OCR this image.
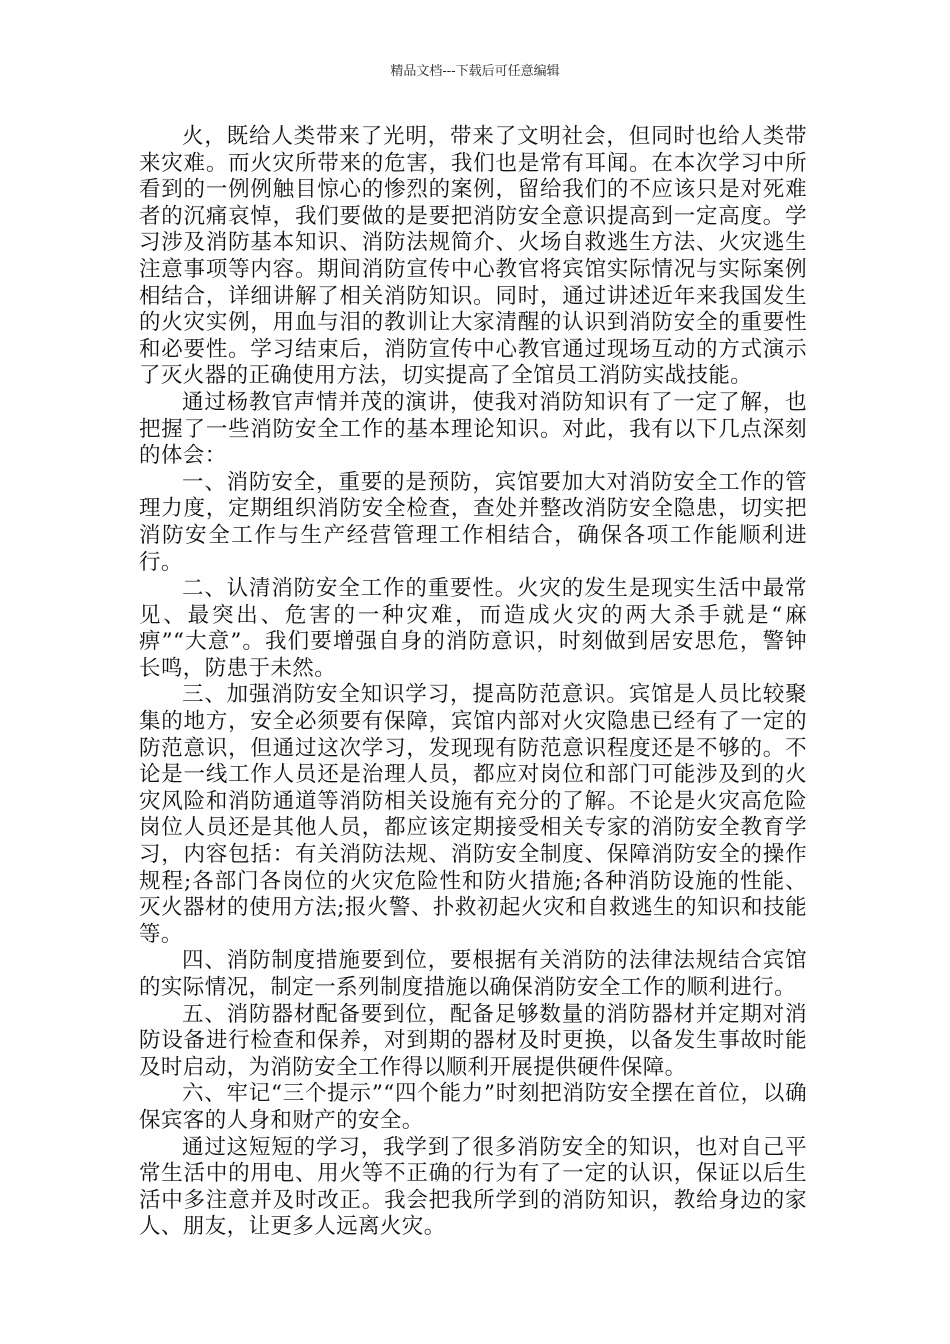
精品文档---下载后可任意编辑

火，既给人类带来了光明，带来了文明社会，但同时也给人类带来灾难。而火灾所带来的危害，我们也是常有耳闻。在本次学习中所看到的一例例触目惊心的惨烈的案例，留给我们的不应该只是对死难者的沉痛哀悼，我们要做的是要把消防安全意识提高到一定高度。学习涉及消防基本知识、消防法规简介、火场自救逃生方法、火灾逃生注意事项等内容。期间消防宣传中心教官将宾馆实际情况与实际案例相结合，详细讲解了相关消防知识。同时，通过讲述近年来我国发生的火灾实例，用血与泪的教训让大家清醒的认识到消防安全的重要性和必要性。学习结束后，消防宣传中心教官通过现场互动的方式演示了灭火器的正确使用方法，切实提高了全馆员工消防实战技能。

通过杨教官声情并茂的演讲，使我对消防知识有了一定了解，也把握了一些消防安全工作的基本理论知识。对此，我有以下几点深刻的体会：

一、消防安全，重要的是预防，宾馆要加大对消防安全工作的管理力度，定期组织消防安全检查，查处并整改消防安全隐患，切实把消防安全工作与生产经营管理工作相结合，确保各项工作能顺利进行。

二、认清消防安全工作的重要性。火灾的发生是现实生活中最常见、最突出、危害的一种灾难，而造成火灾的两大杀手就是“麻痹”“大意”。我们要增强自身的消防意识，时刻做到居安思危，警钟长鸣，防患于未然。

三、加强消防安全知识学习，提高防范意识。宾馆是人员比较聚集的地方，安全必须要有保障，宾馆内部对火灾隐患已经有了一定的防范意识，但通过这次学习，发现现有防范意识程度还是不够的。不论是一线工作人员还是治理人员，都应对岗位和部门可能涉及到的火灾风险和消防通道等消防相关设施有充分的了解。不论是火灾高危险岗位人员还是其他人员，都应该定期接受相关专家的消防安全教育学习，内容包括：有关消防法规、消防安全制度、保障消防安全的操作规程;各部门各岗位的火灾危险性和防火措施;各种消防设施的性能、灭火器材的使用方法;报火警、扑救初起火灾和自救逃生的知识和技能等。

四、消防制度措施要到位，要根据有关消防的法律法规结合宾馆的实际情况，制定一系列制度措施以确保消防安全工作的顺利进行。

五、消防器材配备要到位，配备足够数量的消防器材并定期对消防设备进行检查和保养，对到期的器材及时更换，以备发生事故时能及时启动，为消防安全工作得以顺利开展提供硬件保障。

六、牢记“三个提示”“四个能力”时刻把消防安全摆在首位，以确保宾客的人身和财产的安全。

通过这短短的学习，我学到了很多消防安全的知识，也对自己平常生活中的用电、用火等不正确的行为有了一定的认识，保证以后生活中多注意并及时改正。我会把我所学到的消防知识，教给身边的家人、朋友，让更多人远离火灾。
